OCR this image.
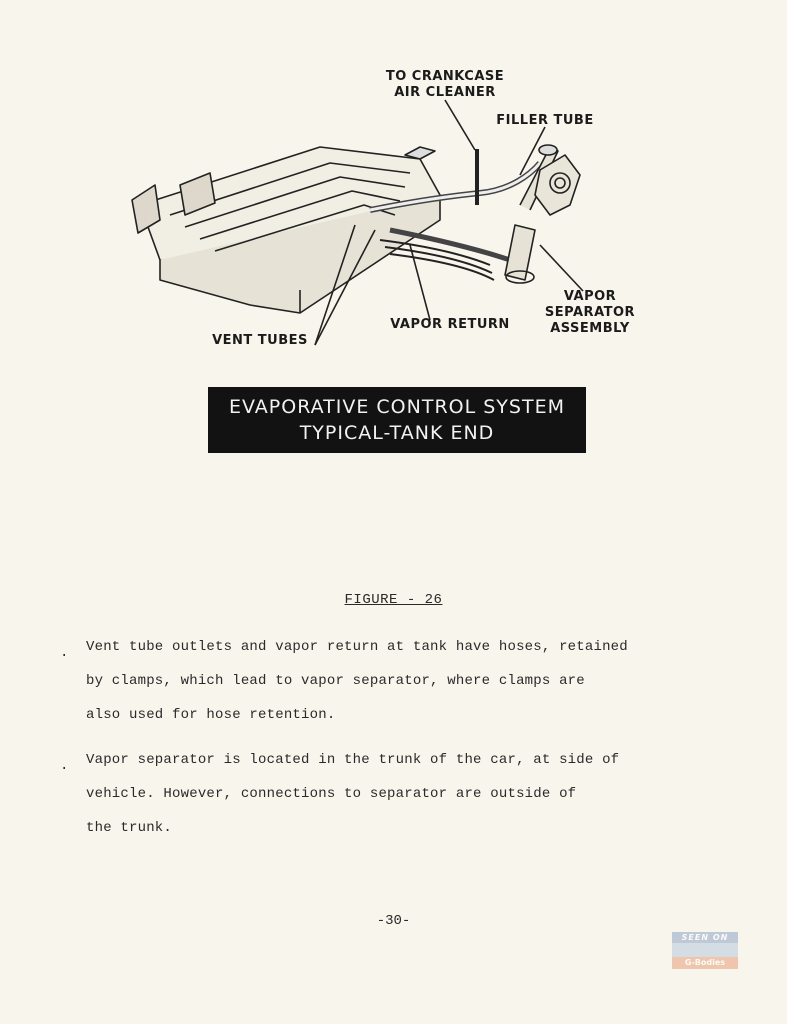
TO CRANKCASE
AIR CLEANER
FILLER TUBE
VAPOR
SEPARATOR
ASSEMBLY
VAPOR RETURN
VENT TUBES
EVAPORATIVE CONTROL SYSTEM
TYPICAL-TANK END
FIGURE - 26
. Vent tube outlets and vapor return at tank have hoses, retained
by clamps, which lead to vapor separator, where clamps are
also used for hose retention.
. Vapor separator is located in the trunk of the car, at side of
vehicle. However, connections to separator are outside of
the trunk.
-30-
SEEN ON
G-Bodies
